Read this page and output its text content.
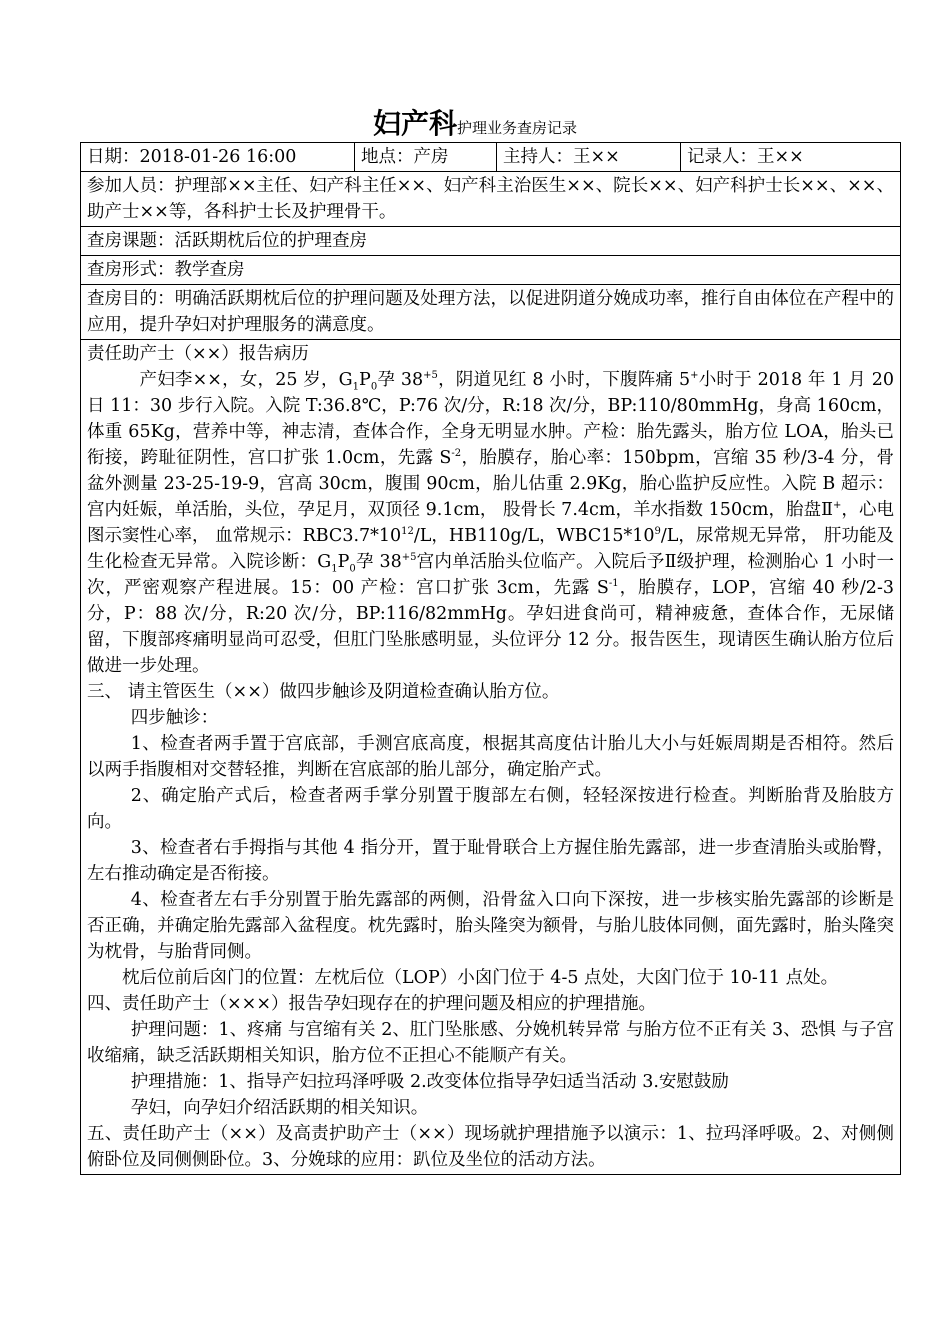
妇产科护理业务查房记录
日期：2018-01-26 16:00	地点：产房	主持人：王××	记录人：王××
参加人员：护理部××主任、妇产科主任××、妇产科主治医生××、院长××、妇产科护士长××、××、助产士××等，各科护士长及护理骨干。
查房课题：活跃期枕后位的护理查房
查房形式：教学查房
查房目的：明确活跃期枕后位的护理问题及处理方法，以促进阴道分娩成功率，推行自由体位在产程中的应用，提升孕妇对护理服务的满意度。

责任助产士（××）报告病历

产妇李××，女，25 岁，$G_1P_0$孕 $38^{+5}$，阴道见红 8 小时，下腹阵痛 5+小时于 2018 年 1 月 20 日 11：30 步行入院。入院 T:36.8℃，P:76 次/分，R:18 次/分，BP:110/80mmHg，身高 160cm，体重 65Kg，营养中等，神志清，查体合作，全身无明显水肿。产检：胎先露头，胎方位 LOA，胎头已衔接，跨耻征阴性，宫口扩张 1.0cm，先露 $S^{-2}$，胎膜存，胎心率：150bpm，宫缩 35 秒/3-4 分，骨盆外测量 23-25-19-9，宫高 30cm，腹围 90cm，胎儿估重 2.9Kg，胎心监护反应性。入院 B 超示：宫内妊娠，单活胎，头位，孕足月，双顶径 9.1cm， 股骨长 7.4cm，羊水指数 150cm，胎盘Ⅱ+，心电图示窦性心率， 血常规示：$RBC3.7*10^{12}/L$，HB110g/L，$WBC15*10^9/L$，尿常规无异常， 肝功能及生化检查无异常。入院诊断：$G_1P_0$孕 $38^{+5}$宫内单活胎头位临产。入院后予Ⅱ级护理，检测胎心 1 小时一次，严密观察产程进展。15：00 产检：宫口扩张 3cm，先露 $S^{-1}$，胎膜存，LOP，宫缩 40 秒/2-3 分，P：88 次/分，R:20 次/分，BP:116/82mmHg。孕妇进食尚可，精神疲惫，查体合作，无尿储留，下腹部疼痛明显尚可忍受，但肛门坠胀感明显，头位评分 12 分。报告医生，现请医生确认胎方位后做进一步处理。

三、 请主管医生（××）做四步触诊及阴道检查确认胎方位。

四步触诊：

1、检查者两手置于宫底部，手测宫底高度，根据其高度估计胎儿大小与妊娠周期是否相符。然后以两手指腹相对交替轻推，判断在宫底部的胎儿部分，确定胎产式。

2、确定胎产式后，检查者两手掌分别置于腹部左右侧，轻轻深按进行检查。判断胎背及胎肢方向。

3、检查者右手拇指与其他 4 指分开，置于耻骨联合上方握住胎先露部，进一步查清胎头或胎臀，左右推动确定是否衔接。

4、检查者左右手分别置于胎先露部的两侧，沿骨盆入口向下深按，进一步核实胎先露部的诊断是否正确，并确定胎先露部入盆程度。枕先露时，胎头隆突为额骨，与胎儿肢体同侧，面先露时，胎头隆突为枕骨，与胎背同侧。

枕后位前后囟门的位置：左枕后位（LOP）小囟门位于 4-5 点处，大囟门位于 10-11 点处。

四、责任助产士（×××）报告孕妇现存在的护理问题及相应的护理措施。

护理问题：1、疼痛 与宫缩有关 2、肛门坠胀感、分娩机转异常 与胎方位不正有关 3、恐惧 与子宫收缩痛，缺乏活跃期相关知识，胎方位不正担心不能顺产有关。

护理措施：1、指导产妇拉玛泽呼吸 2.改变体位指导孕妇适当活动 3.安慰鼓励

孕妇，向孕妇介绍活跃期的相关知识。

五、责任助产士（××）及高责护助产士（××）现场就护理措施予以演示：1、拉玛泽呼吸。2、对侧侧俯卧位及同侧侧卧位。3、分娩球的应用：趴位及坐位的活动方法。
